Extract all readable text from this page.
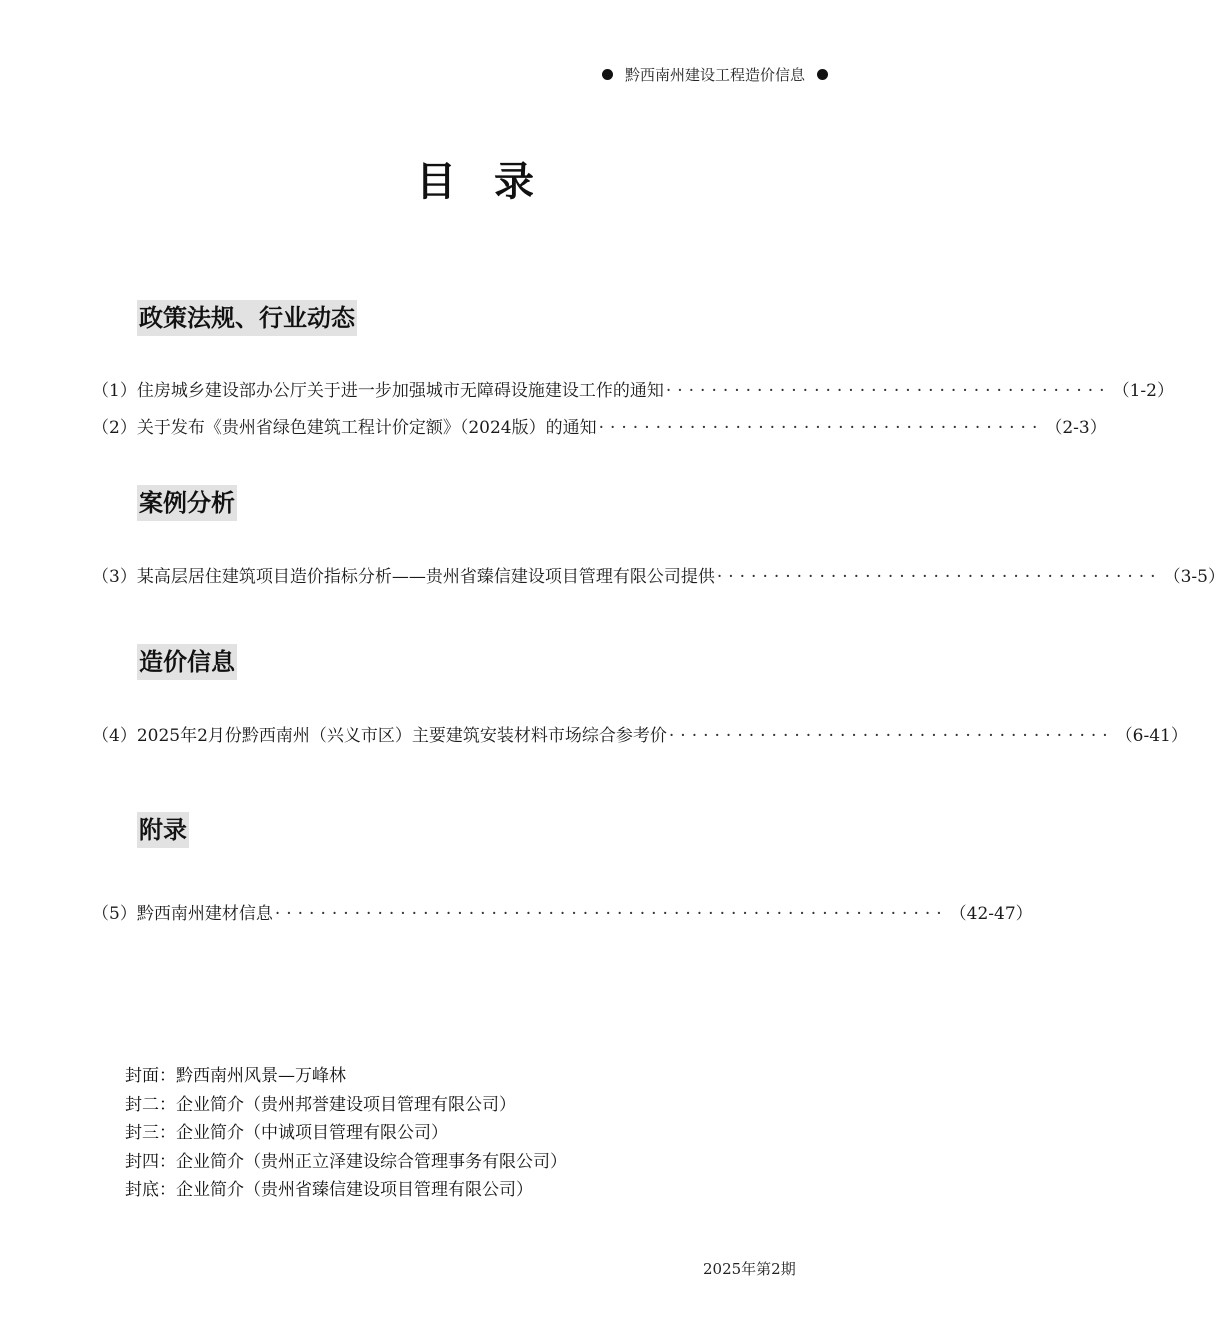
黔西南州建设工程造价信息
目录
政策法规、行业动态
（1）住房城乡建设部办公厅关于进一步加强城市无障碍设施建设工作的通知 ······································· （1-2）
（2）关于发布《贵州省绿色建筑工程计价定额》（2024版）的通知 ······································· （2-3）
案例分析
（3）某高层居住建筑项目造价指标分析——贵州省臻信建设项目管理有限公司提供 ······································· （3-5）
造价信息
（4）2025年2月份黔西南州（兴义市区）主要建筑安装材料市场综合参考价 ······································· （6-41）
附录
（5）黔西南州建材信息 ··························································· （42-47）
封面：黔西南州风景—万峰林
封二：企业简介（贵州邦誉建设项目管理有限公司）
封三：企业简介（中诚项目管理有限公司）
封四：企业简介（贵州正立泽建设综合管理事务有限公司）
封底：企业简介（贵州省臻信建设项目管理有限公司）
2025年第2期
